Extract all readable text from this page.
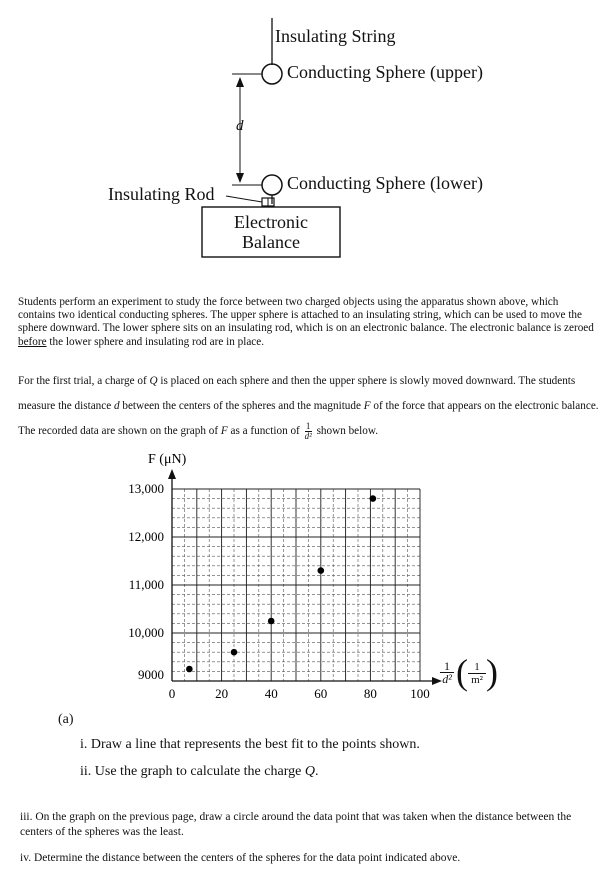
Insulating String
Conducting Sphere (upper)
d
Conducting Sphere (lower)
Insulating Rod
Electronic
Balance
Students perform an experiment to study the force between two charged objects using the apparatus shown above, which contains two identical conducting spheres. The upper sphere is attached to an insulating string, which can be used to move the sphere downward. The lower sphere sits on an insulating rod, which is on an electronic balance. The electronic balance is zeroed before the lower sphere and insulating rod are in place.
For the first trial, a charge of Q is placed on each sphere and then the upper sphere is slowly moved downward. The students measure the distance d between the centers of the spheres and the magnitude F of the force that appears on the electronic balance. The recorded data are shown on the graph of F as a function of $\frac{1}{\text{d²}}$ shown below.
0	20	40	60	80	100
9000
10,000
11,000
12,000
13,000
F (μN)
$\frac{1}{\text{d²}}$ ( $\frac{1}{\text{m²}}$ )
(a)
i. Draw a line that represents the best fit to the points shown.
ii. Use the graph to calculate the charge Q.
iii. On the graph on the previous page, draw a circle around the data point that was taken when the distance between the centers of the spheres was the least.
iv. Determine the distance between the centers of the spheres for the data point indicated above.
